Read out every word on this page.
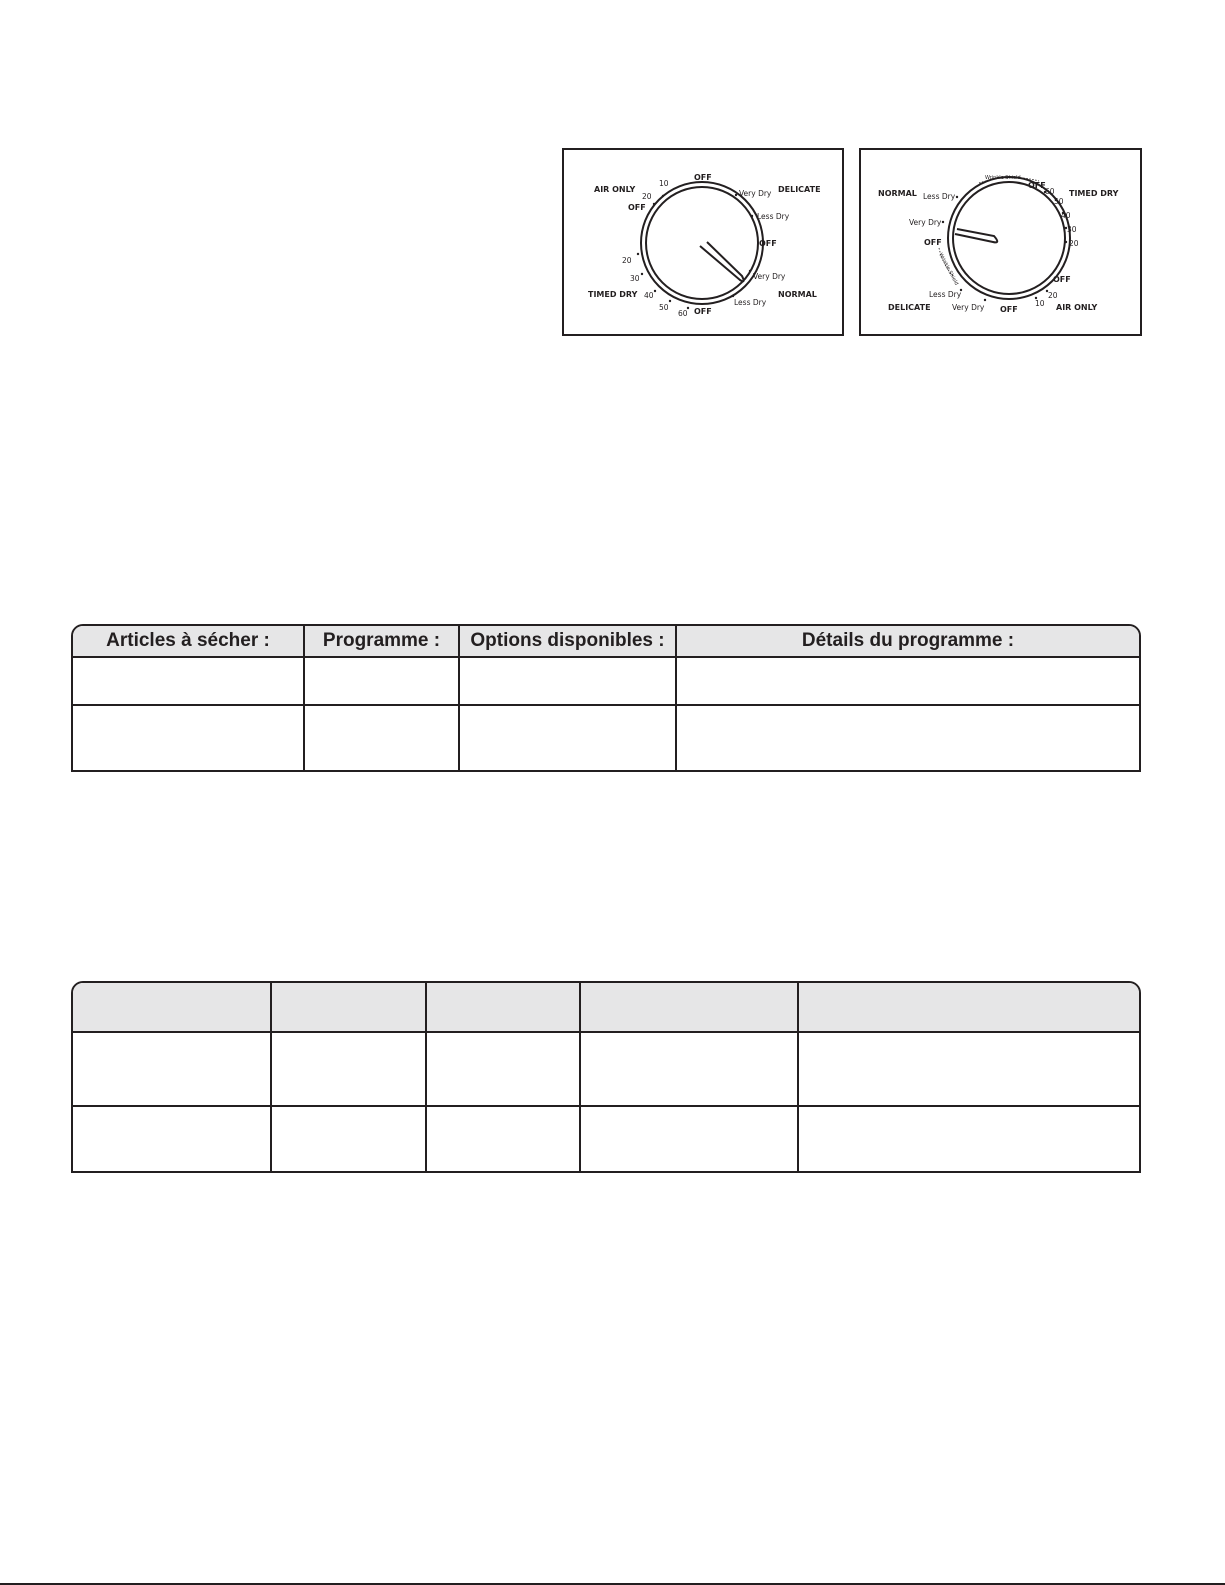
OFF
OFF
OFF
OFF
AIR ONLY	DELICATE
TIMED DRY	NORMAL
Very Dry
Less Dry
Very Dry
Less Dry
10
20
20
30
40
50
60
Wrinkle Shield
Wrinkle Shield
NORMAL	TIMED DRY
DELICATE	AIR ONLY
OFF
OFF
OFF
OFF
Less Dry
Very Dry
Less Dry
Very Dry
60
50
40
30
20
20
10
Articles à sécher :	Programme :	Options disponibles :	Détails du programme :
